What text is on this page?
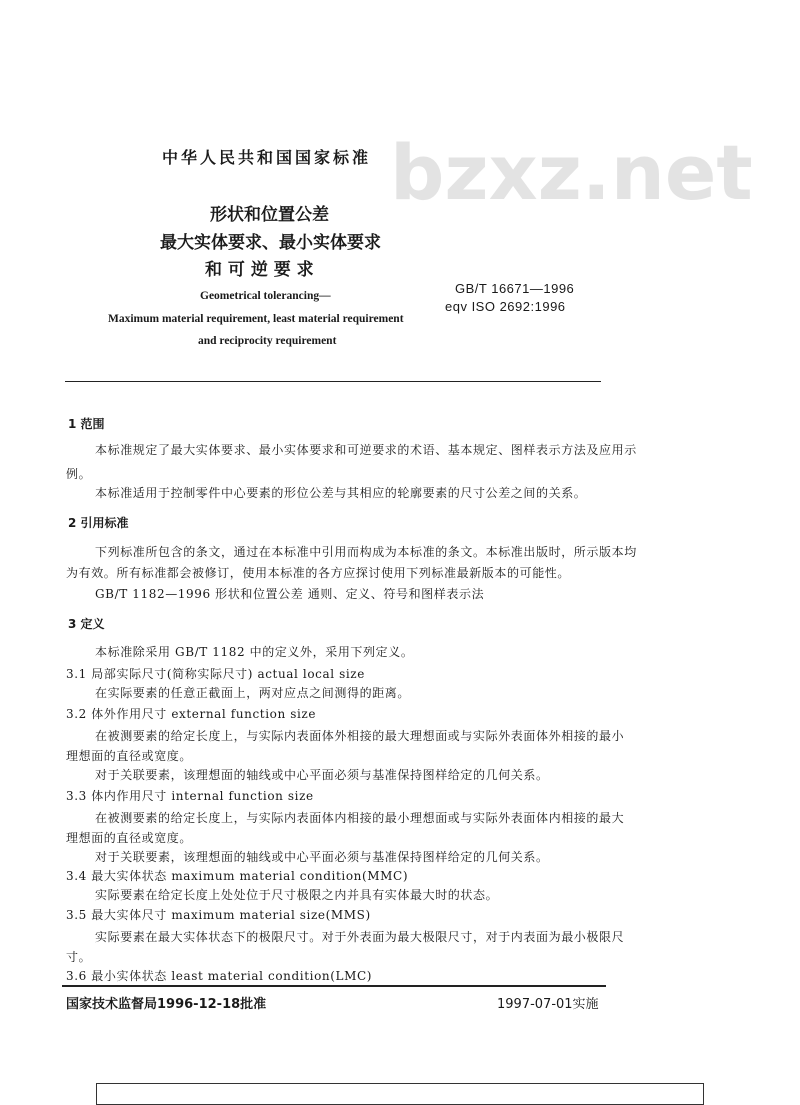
bzxz.net
中华人民共和国国家标准
形状和位置公差
最大实体要求、最小实体要求
和 可 逆 要 求
GB/T 16671—1996
eqv ISO 2692:1996
Geometrical tolerancing—
Maximum material requirement, least material requirement
and reciprocity requirement
1 范围
本标准规定了最大实体要求、最小实体要求和可逆要求的术语、基本规定、图样表示方法及应用示
例。
本标准适用于控制零件中心要素的形位公差与其相应的轮廓要素的尺寸公差之间的关系。
2 引用标准
下列标准所包含的条文，通过在本标准中引用而构成为本标准的条文。本标准出版时，所示版本均
为有效。所有标准都会被修订，使用本标准的各方应探讨使用下列标准最新版本的可能性。
GB/T 1182—1996 形状和位置公差 通则、定义、符号和图样表示法
3 定义
本标准除采用 GB/T 1182 中的定义外，采用下列定义。
3.1 局部实际尺寸(简称实际尺寸) actual local size
在实际要素的任意正截面上，两对应点之间测得的距离。
3.2 体外作用尺寸 external function size
在被测要素的给定长度上，与实际内表面体外相接的最大理想面或与实际外表面体外相接的最小
理想面的直径或宽度。
对于关联要素，该理想面的轴线或中心平面必须与基准保持图样给定的几何关系。
3.3 体内作用尺寸 internal function size
在被测要素的给定长度上，与实际内表面体内相接的最小理想面或与实际外表面体内相接的最大
理想面的直径或宽度。
对于关联要素，该理想面的轴线或中心平面必须与基准保持图样给定的几何关系。
3.4 最大实体状态 maximum material condition(MMC)
实际要素在给定长度上处处位于尺寸极限之内并具有实体最大时的状态。
3.5 最大实体尺寸 maximum material size(MMS)
实际要素在最大实体状态下的极限尺寸。对于外表面为最大极限尺寸，对于内表面为最小极限尺
寸。
3.6 最小实体状态 least material condition(LMC)
国家技术监督局1996-12-18批准	1997-07-01实施
